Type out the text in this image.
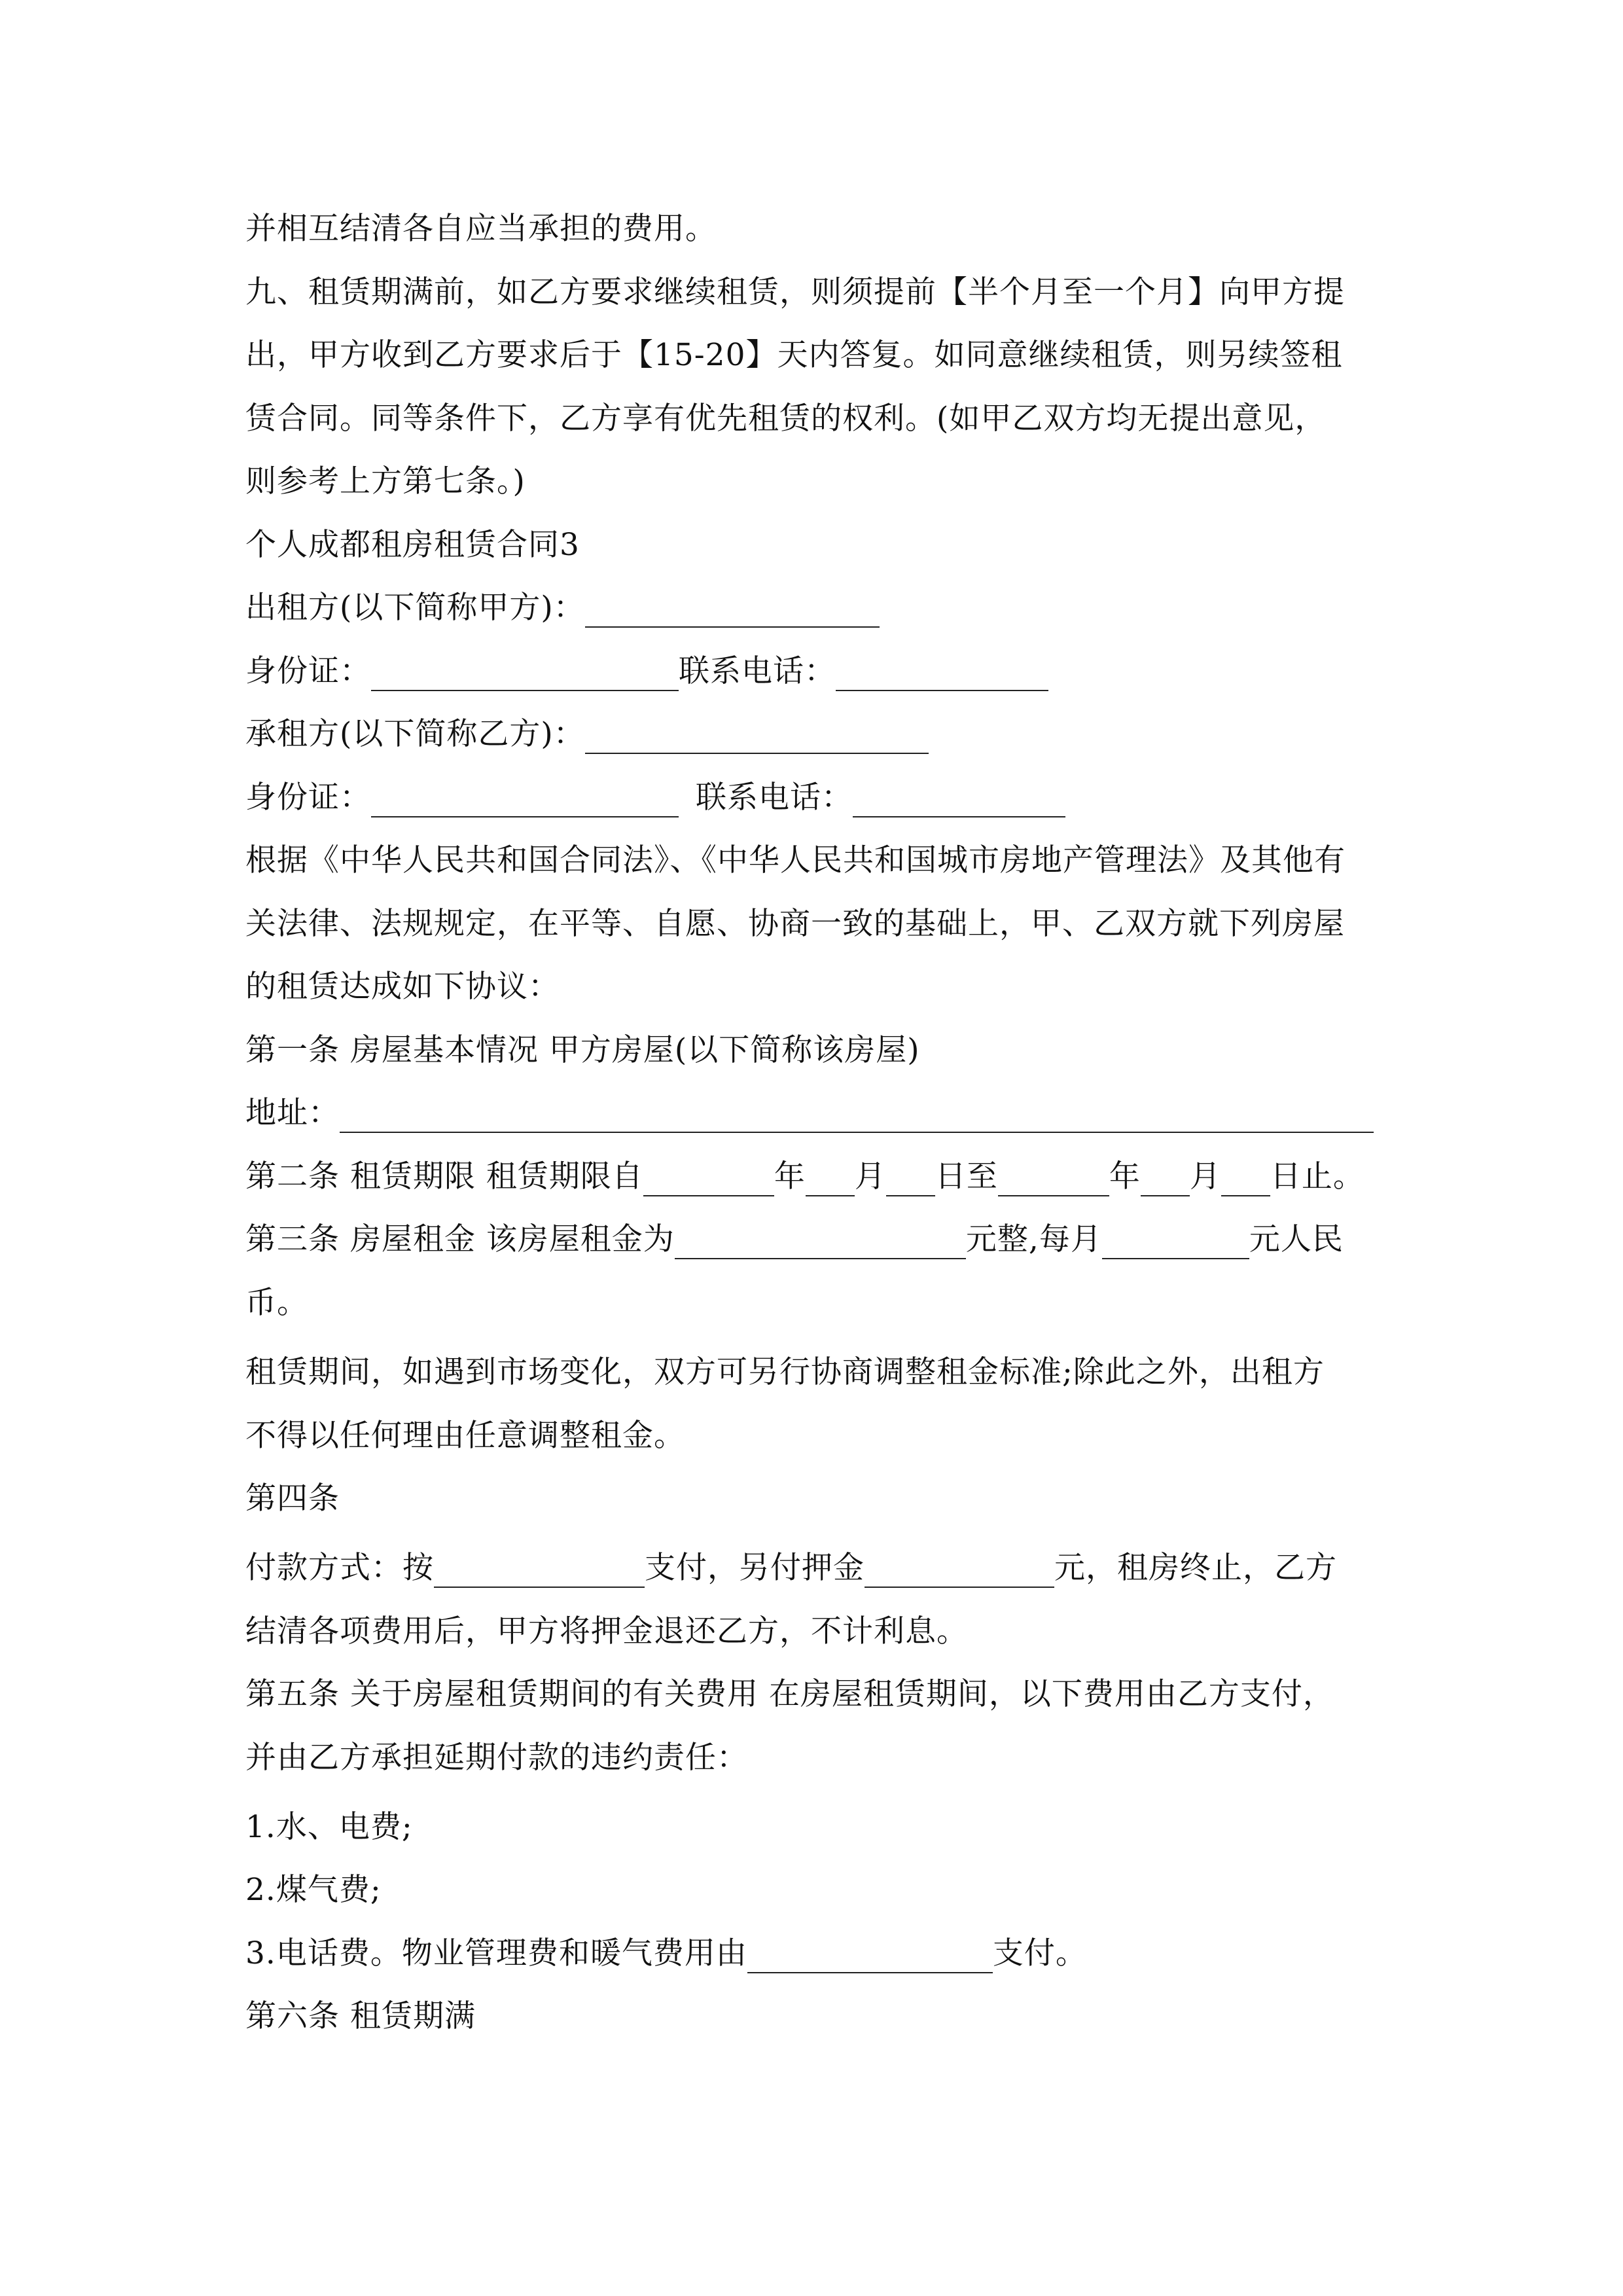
并相互结清各自应当承担的费用。
九、租赁期满前，如乙方要求继续租赁，则须提前【半个月至一个月】向甲方提
出，甲方收到乙方要求后于【15-20】天内答复。如同意继续租赁，则另续签租
赁合同。同等条件下，乙方享有优先租赁的权利。(如甲乙双方均无提出意见，
则参考上方第七条。)
个人成都租房租赁合同3
出租方(以下简称甲方)：
身份证：	联系电话：
承租方(以下简称乙方)：
身份证：	联系电话：
根据《中华人民共和国合同法》、《中华人民共和国城市房地产管理法》及其他有
关法律、法规规定，在平等、自愿、协商一致的基础上，甲、乙双方就下列房屋
的租赁达成如下协议：
第一条 房屋基本情况 甲方房屋(以下简称该房屋)
地址：
第二条 租赁期限 租赁期限自	年 月 日至	年 月 日止。
第三条 房屋租金 该房屋租金为	元整,每月	元人民
币。
租赁期间，如遇到市场变化，双方可另行协商调整租金标准;除此之外，出租方
不得以任何理由任意调整租金。
第四条
付款方式：按	支付，另付押金	元，租房终止，乙方
结清各项费用后，甲方将押金退还乙方，不计利息。
第五条 关于房屋租赁期间的有关费用 在房屋租赁期间，以下费用由乙方支付，
并由乙方承担延期付款的违约责任：
1.水、电费;
2.煤气费;
3.电话费。物业管理费和暖气费用由	支付。
第六条 租赁期满
